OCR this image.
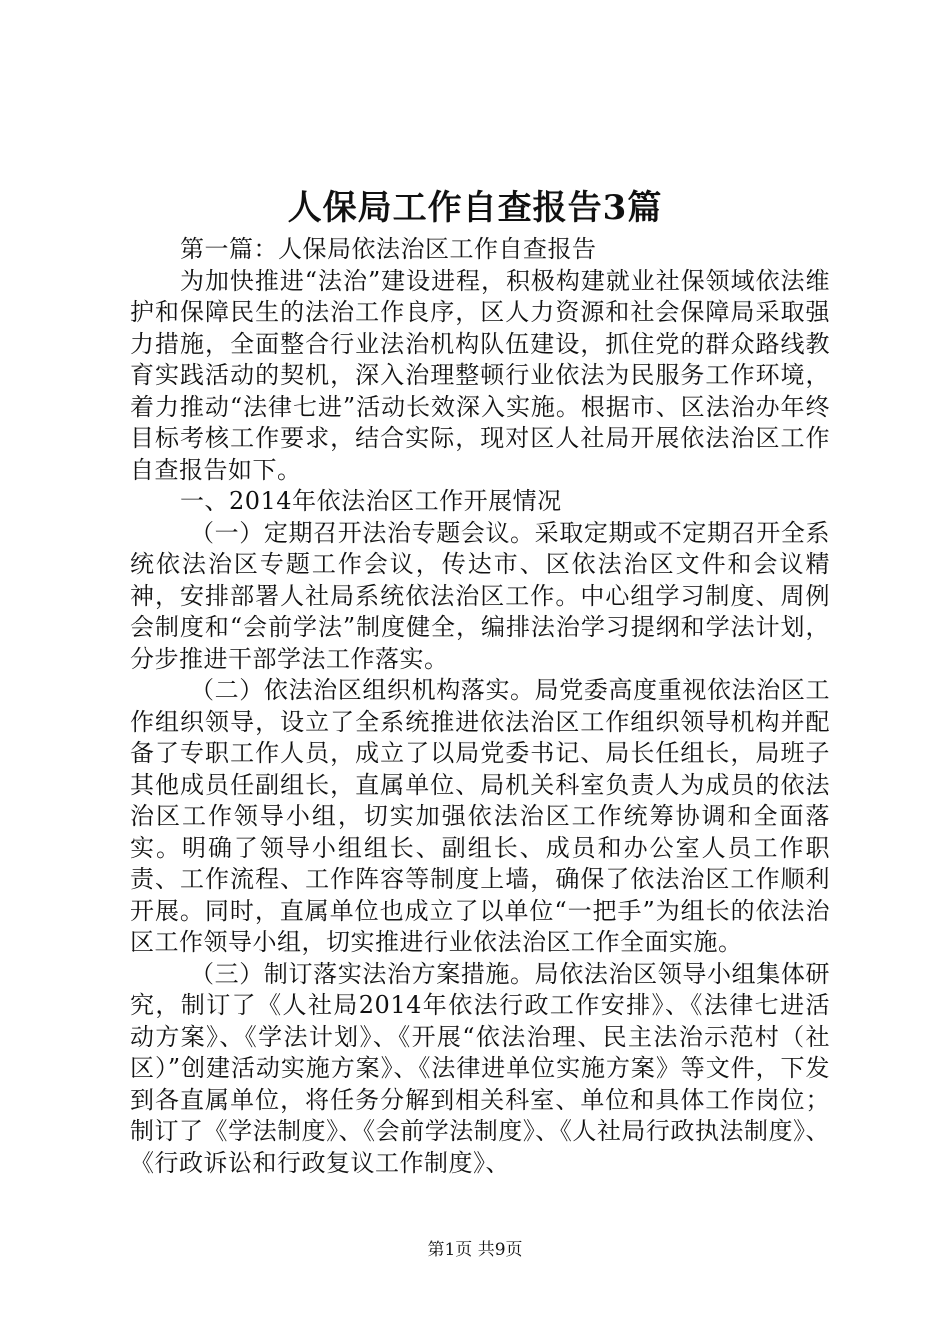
人保局工作自查报告3篇

第一篇：人保局依法治区工作自查报告

为加快推进“法治”建设进程，积极构建就业社保领域依法维护和保障民生的法治工作良序，区人力资源和社会保障局采取强力措施，全面整合行业法治机构队伍建设，抓住党的群众路线教育实践活动的契机，深入治理整顿行业依法为民服务工作环境，着力推动“法律七进”活动长效深入实施。根据市、区法治办年终目标考核工作要求，结合实际，现对区人社局开展依法治区工作自查报告如下。

一、2014年依法治区工作开展情况

（一）定期召开法治专题会议。采取定期或不定期召开全系统依法治区专题工作会议，传达市、区依法治区文件和会议精神，安排部署人社局系统依法治区工作。中心组学习制度、周例会制度和“会前学法”制度健全，编排法治学习提纲和学法计划，分步推进干部学法工作落实。

（二）依法治区组织机构落实。局党委高度重视依法治区工作组织领导，设立了全系统推进依法治区工作组织领导机构并配备了专职工作人员，成立了以局党委书记、局长任组长，局班子其他成员任副组长，直属单位、局机关科室负责人为成员的依法治区工作领导小组，切实加强依法治区工作统筹协调和全面落实。明确了领导小组组长、副组长、成员和办公室人员工作职责、工作流程、工作阵容等制度上墙，确保了依法治区工作顺利开展。同时，直属单位也成立了以单位“一把手”为组长的依法治区工作领导小组，切实推进行业依法治区工作全面实施。

（三）制订落实法治方案措施。局依法治区领导小组集体研究，制订了《人社局2014年依法行政工作安排》、《法律七进活动方案》、《学法计划》、《开展“依法治理、民主法治示范村（社区）”创建活动实施方案》、《法律进单位实施方案》等文件，下发到各直属单位，将任务分解到相关科室、单位和具体工作岗位；制订了《学法制度》、《会前学法制度》、《人社局行政执法制度》、《行政诉讼和行政复议工作制度》、

第1页 共9页
